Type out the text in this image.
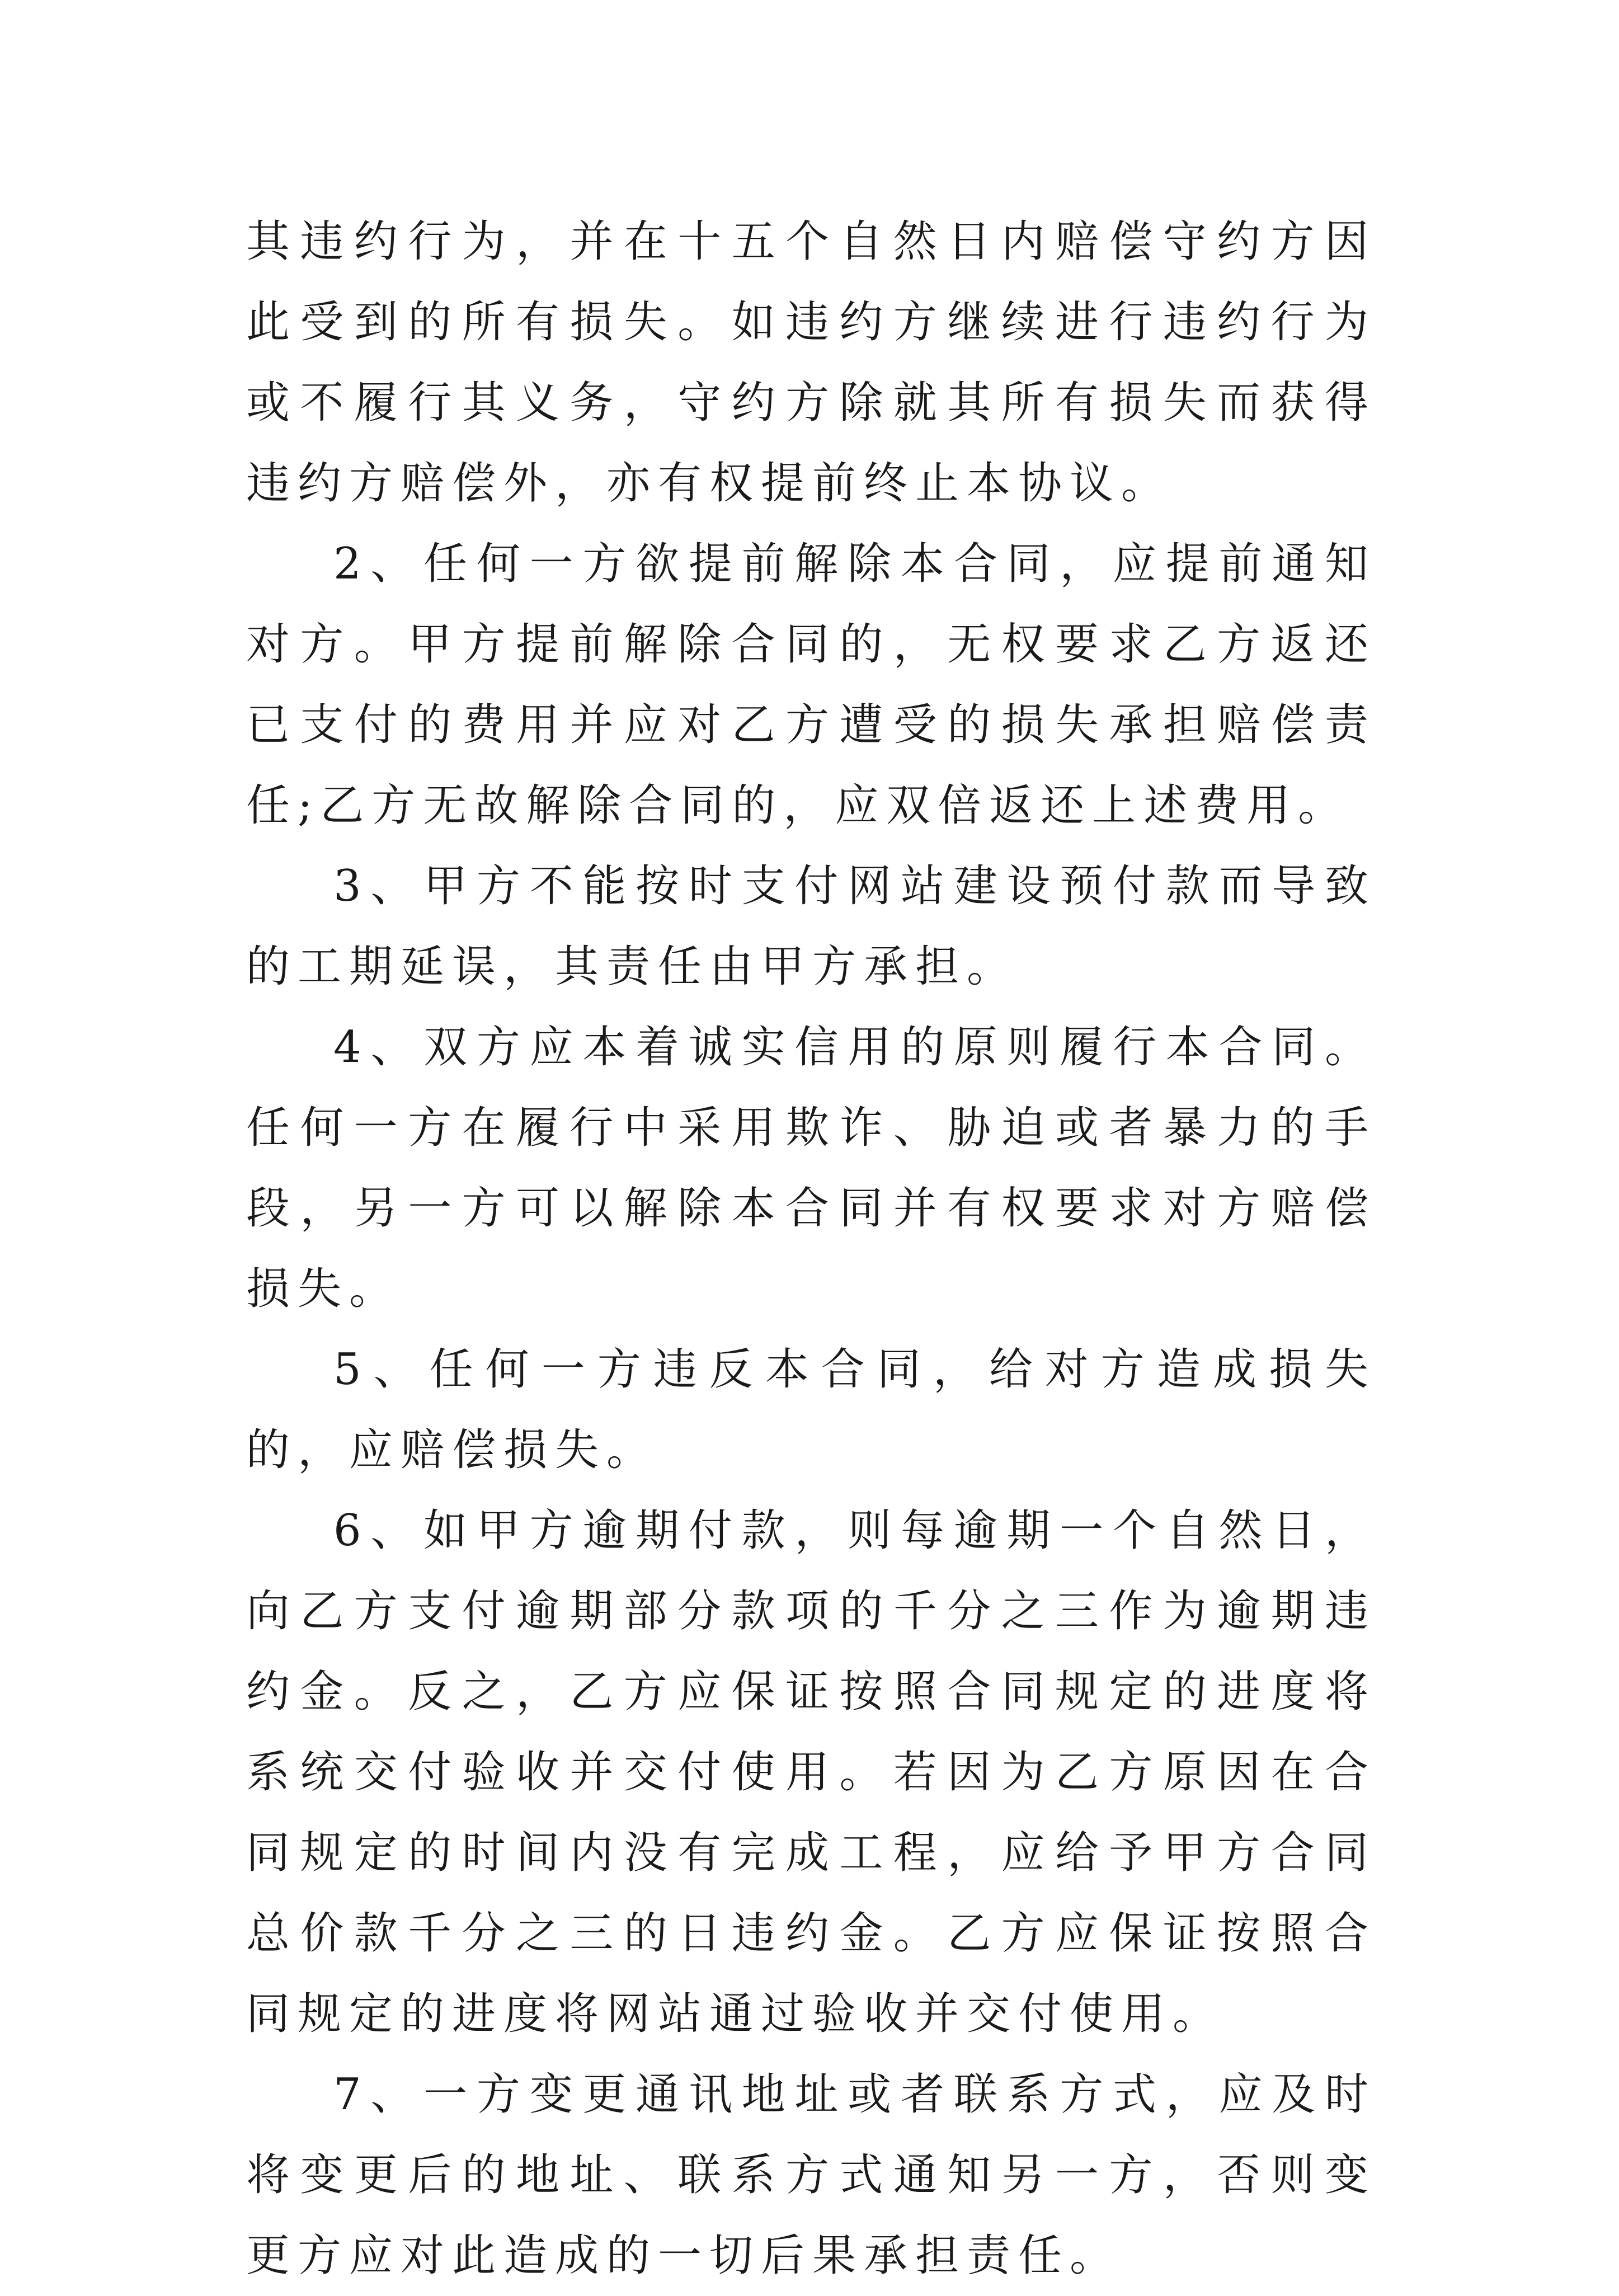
其违约行为，并在十五个自然日内赔偿守约方因此受到的所有损失。如违约方继续进行违约行为或不履行其义务，守约方除就其所有损失而获得违约方赔偿外，亦有权提前终止本协议。

2、任何一方欲提前解除本合同，应提前通知对方。甲方提前解除合同的，无权要求乙方返还已支付的费用并应对乙方遭受的损失承担赔偿责任;乙方无故解除合同的，应双倍返还上述费用。

3、甲方不能按时支付网站建设预付款而导致的工期延误，其责任由甲方承担。

4、双方应本着诚实信用的原则履行本合同。任何一方在履行中采用欺诈、胁迫或者暴力的手段，另一方可以解除本合同并有权要求对方赔偿损失。

5、任何一方违反本合同，给对方造成损失的，应赔偿损失。

6、如甲方逾期付款，则每逾期一个自然日，向乙方支付逾期部分款项的千分之三作为逾期违约金。反之，乙方应保证按照合同规定的进度将系统交付验收并交付使用。若因为乙方原因在合同规定的时间内没有完成工程，应给予甲方合同总价款千分之三的日违约金。乙方应保证按照合同规定的进度将网站通过验收并交付使用。

7、一方变更通讯地址或者联系方式，应及时将变更后的地址、联系方式通知另一方，否则变更方应对此造成的一切后果承担责任。
